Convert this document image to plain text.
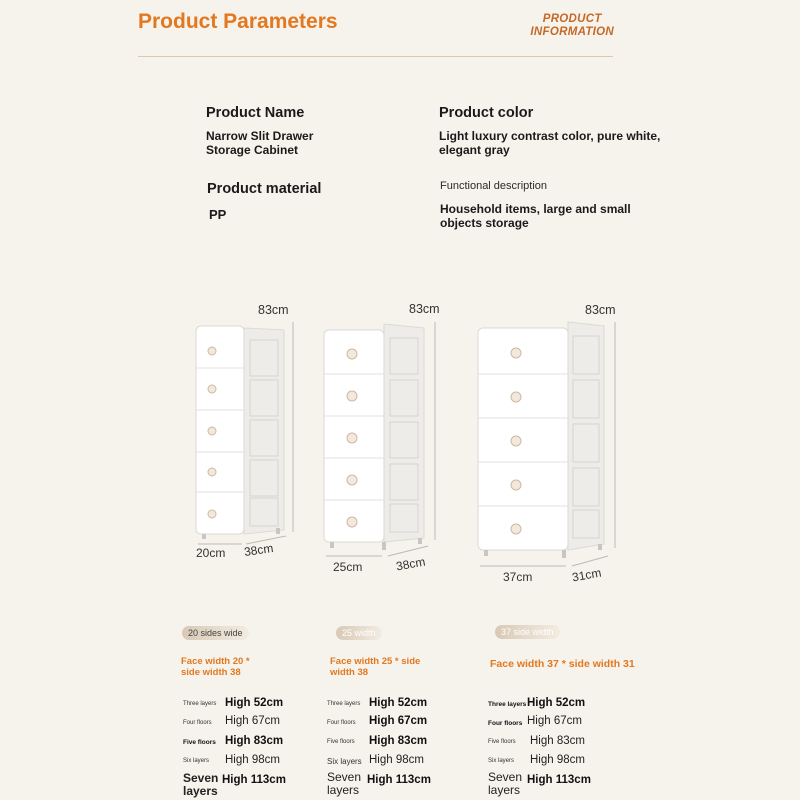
Product Parameters	PRODUCT
INFORMATION
Product Name
Narrow Slit Drawer
Storage Cabinet
Product color
Light luxury contrast color, pure white,
elegant gray
Product material
PP
Functional description
Household items, large and small
objects storage
83cm
20cm 38cm
83cm
25cm	38cm
83cm
37cm	31cm
20 sides wide	25 width	37 side width
Face width 20 *
side width 38
Face width 25 * side
width 38
Face width 37 * side width 31
Three layers High 52cm
Four floors High 67cm
Five floors High 83cm
Six layers High 98cm
Seven
layers
High 113cm
Three layers High 52cm
Four floors High 67cm
Five floors High 83cm
Six layers High 98cm
Seven
layers
High 113cm
Three layers High 52cm
Four floors High 67cm
Five floors High 83cm
Six layers High 98cm
Seven
layers
High 113cm
